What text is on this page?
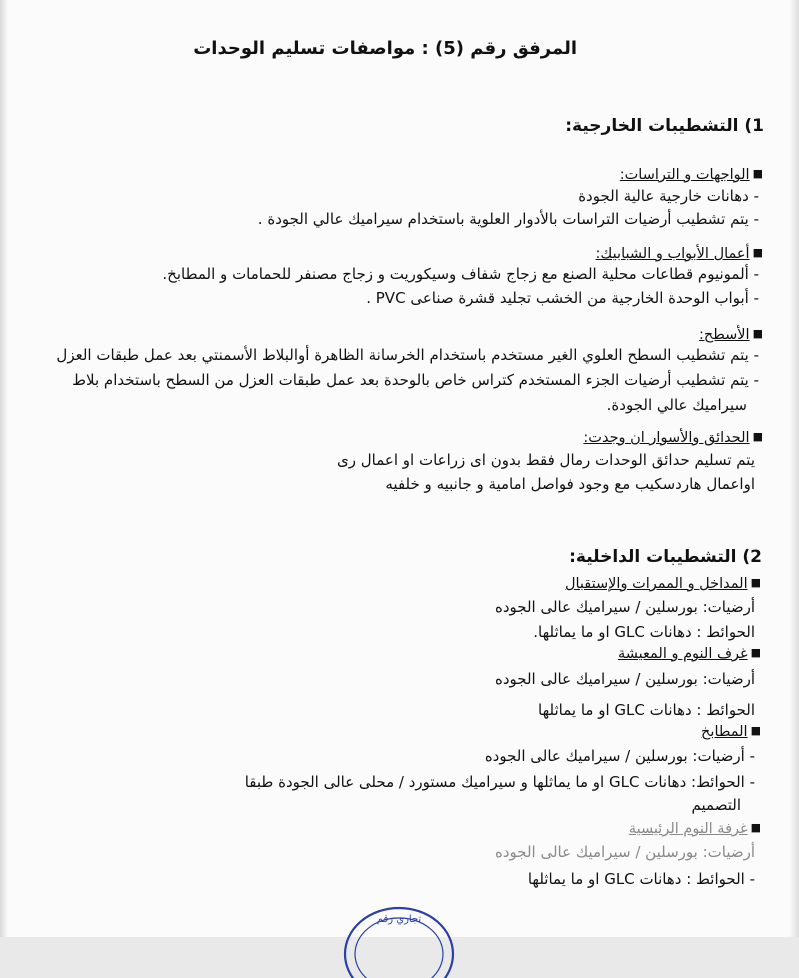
المرفق رقم (5) : مواصفات تسليم الوحدات
1) التشطيبات الخارجية:
■الواجهات و التراسات:
- دهانات خارجية عالية الجودة
- يتم تشطيب أرضيات التراسات بالأدوار العلوية باستخدام سيراميك عالي الجودة .
■أعمال الأبواب و الشبابيك:
- ألمونيوم قطاعات محلية الصنع مع زجاج شفاف وسيكوريت و زجاج مصنفر للحمامات و المطابخ.
- أبواب الوحدة الخارجية من الخشب تجليد قشرة صناعى PVC .
■الأسطح:
- يتم تشطيب السطح العلوي الغير مستخدم باستخدام الخرسانة الظاهرة أوالبلاط الأسمنتي بعد عمل طبقات العزل
- يتم تشطيب أرضيات الجزء المستخدم كتراس خاص بالوحدة بعد عمل طبقات العزل من السطح باستخدام بلاط
سيراميك عالي الجودة.
■الحدائق والأسوار ان وجدت:
يتم تسليم حدائق الوحدات رمال فقط بدون اى زراعات او اعمال رى
اواعمال هاردسكيب مع وجود فواصل امامية و جانبيه و خلفيه
2) التشطيبات الداخلية:
■المداخل و الممرات والإستقبال
أرضيات: بورسلين / سيراميك عالى الجوده
الحوائط : دهانات GLC او ما يماثلها.
■غرف النوم و المعيشة
أرضيات: بورسلين / سيراميك عالى الجوده
الحوائط : دهانات GLC او ما يماثلها
■المطابخ
- أرضيات: بورسلين / سيراميك عالى الجوده
- الحوائط: دهانات GLC او ما يماثلها و سيراميك مستورد / محلى عالى الجودة طبقا
التصميم
■غرفة النوم الرئيسية
أرضيات: بورسلين / سيراميك عالى الجوده
- الحوائط : دهانات GLC او ما يماثلها
تجاري رقم
